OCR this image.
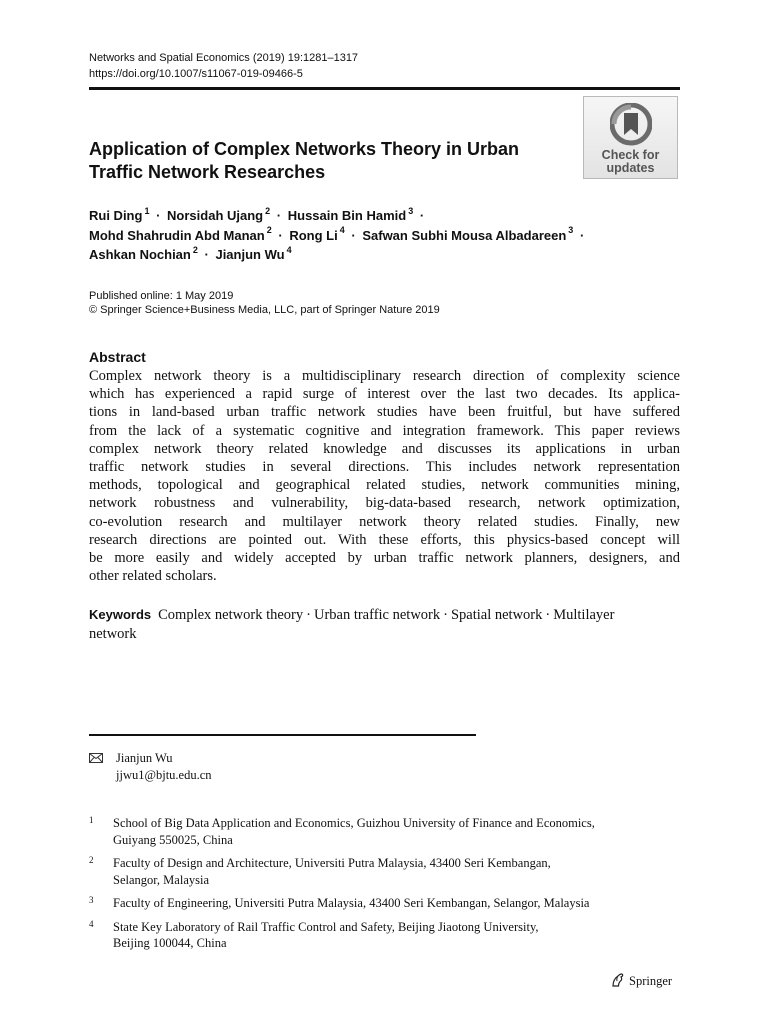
Networks and Spatial Economics (2019) 19:1281–1317
https://doi.org/10.1007/s11067-019-09466-5
Application of Complex Networks Theory in Urban
Traffic Network Researches
Check for
updates
Rui Ding $^1$ · Norsidah Ujang $^2$ · Hussain Bin Hamid $^3$ ·
Mohd Shahrudin Abd Manan $^2$ · Rong Li $^4$ · Safwan Subhi Mousa Albadareen $^3$ ·
Ashkan Nochian $^2$ · Jianjun Wu $^4$
Published online: 1 May 2019
© Springer Science+Business Media, LLC, part of Springer Nature 2019
Abstract
Complex network theory is a multidisciplinary research direction of complexity science
which has experienced a rapid surge of interest over the last two decades. Its applica-
tions in land-based urban traffic network studies have been fruitful, but have suffered
from the lack of a systematic cognitive and integration framework. This paper reviews
complex network theory related knowledge and discusses its applications in urban
traffic network studies in several directions. This includes network representation
methods, topological and geographical related studies, network communities mining,
network robustness and vulnerability, big-data-based research, network optimization,
co-evolution research and multilayer network theory related studies. Finally, new
research directions are pointed out. With these efforts, this physics-based concept will
be more easily and widely accepted by urban traffic network planners, designers, and
other related scholars.
Keywords Complex network theory · Urban traffic network · Spatial network · Multilayer
network
Jianjun Wu
jjwu1@bjtu.edu.cn
1 School of Big Data Application and Economics, Guizhou University of Finance and Economics,
Guiyang 550025, China
2 Faculty of Design and Architecture, Universiti Putra Malaysia, 43400 Seri Kembangan,
Selangor, Malaysia
3 Faculty of Engineering, Universiti Putra Malaysia, 43400 Seri Kembangan, Selangor, Malaysia
4 State Key Laboratory of Rail Traffic Control and Safety, Beijing Jiaotong University,
Beijing 100044, China
Springer
